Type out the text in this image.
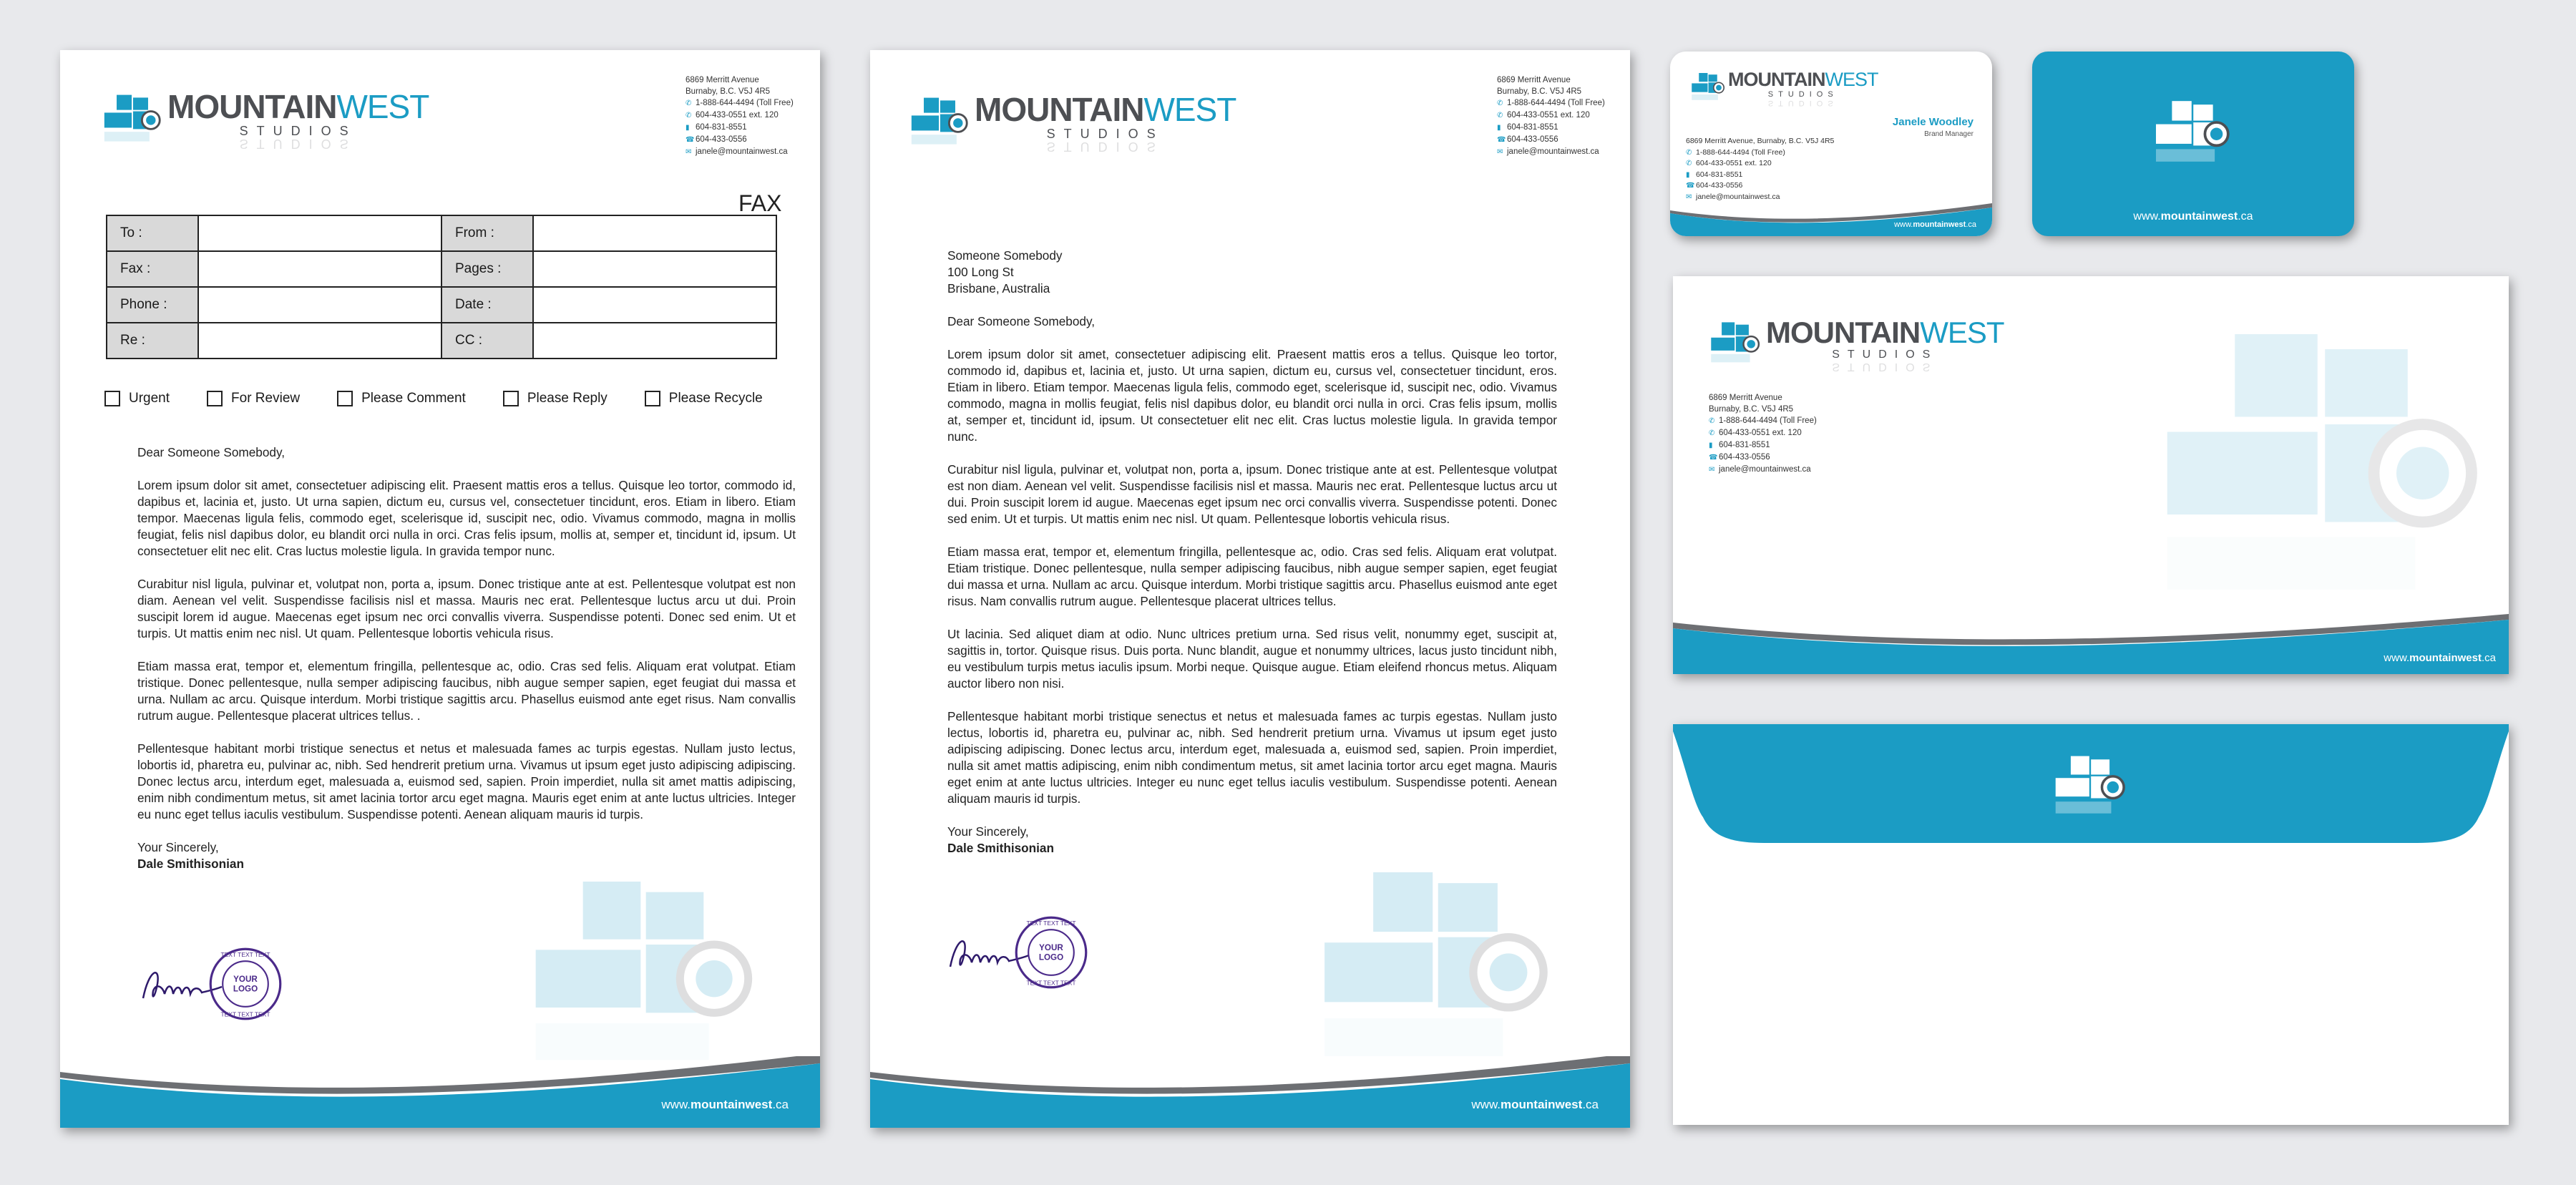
MOUNTAINWEST
STUDIOS
STUDIOS
6869 Merritt Avenue
Burnaby, B.C. V5J 4R5
✆ 1-888-644-4494 (Toll Free)
✆ 604-433-0551 ext. 120
▮ 604-831-8551
☎ 604-433-0556
✉ janele@mountainwest.ca
FAX
To :		From :	
Fax :		Pages :	
Phone :		Date :	
Re :		CC :	
Urgent	For Review	Please Comment	Please Reply	Please Recycle

Dear Someone Somebody,

Lorem ipsum dolor sit amet, consectetuer adipiscing elit. Praesent mattis eros a tellus. Quisque leo tortor, commodo id, dapibus et, lacinia et, justo. Ut urna sapien, dictum eu, cursus vel, consectetuer tincidunt, eros. Etiam in libero. Etiam tempor. Maecenas ligula felis, commodo eget, scelerisque id, suscipit nec, odio. Vivamus commodo, magna in mollis feugiat, felis nisl dapibus dolor, eu blandit orci nulla in orci. Cras felis ipsum, mollis at, semper et, tincidunt id, ipsum. Ut consectetuer elit nec elit. Cras luctus molestie ligula. In gravida tempor nunc.

Curabitur nisl ligula, pulvinar et, volutpat non, porta a, ipsum. Donec tristique ante at est. Pellentesque volutpat est non diam. Aenean vel velit. Suspendisse facilisis nisl et massa. Mauris nec erat. Pellentesque luctus arcu ut dui. Proin suscipit lorem id augue. Maecenas eget ipsum nec orci convallis viverra. Suspendisse potenti. Donec sed enim. Ut et turpis. Ut mattis enim nec nisl. Ut quam. Pellentesque lobortis vehicula risus.

Etiam massa erat, tempor et, elementum fringilla, pellentesque ac, odio. Cras sed felis. Aliquam erat volutpat. Etiam tristique. Donec pellentesque, nulla semper adipiscing faucibus, nibh augue semper sapien, eget feugiat dui massa et urna. Nullam ac arcu. Quisque interdum. Morbi tristique sagittis arcu. Phasellus euismod ante eget risus. Nam convallis rutrum augue. Pellentesque placerat ultrices tellus. .

Pellentesque habitant morbi tristique senectus et netus et malesuada fames ac turpis egestas. Nullam justo lectus, lobortis id, pharetra eu, pulvinar ac, nibh. Sed hendrerit pretium urna. Vivamus ut ipsum eget justo adipiscing adipiscing. Donec lectus arcu, interdum eget, malesuada a, euismod sed, sapien. Proin imperdiet, nulla sit amet mattis adipiscing, enim nibh condimentum metus, sit amet lacinia tortor arcu eget magna. Mauris eget enim at ante luctus ultricies. Integer eu nunc eget tellus iaculis vestibulum. Suspendisse potenti. Aenean aliquam mauris id turpis.

Your Sincerely,
Dale Smithisonian
www.mountainwest.ca
MOUNTAINWEST
STUDIOS
STUDIOS
6869 Merritt Avenue
Burnaby, B.C. V5J 4R5
✆ 1-888-644-4494 (Toll Free)
✆ 604-433-0551 ext. 120
▮ 604-831-8551
☎ 604-433-0556
✉ janele@mountainwest.ca
Someone Somebody
100 Long St
Brisbane, Australia

Dear Someone Somebody,

Lorem ipsum dolor sit amet, consectetuer adipiscing elit. Praesent mattis eros a tellus. Quisque leo tortor, commodo id, dapibus et, lacinia et, justo. Ut urna sapien, dictum eu, cursus vel, consectetuer tincidunt, eros. Etiam in libero. Etiam tempor. Maecenas ligula felis, commodo eget, scelerisque id, suscipit nec, odio. Vivamus commodo, magna in mollis feugiat, felis nisl dapibus dolor, eu blandit orci nulla in orci. Cras felis ipsum, mollis at, semper et, tincidunt id, ipsum. Ut consectetuer elit nec elit. Cras luctus molestie ligula. In gravida tempor nunc.

Curabitur nisl ligula, pulvinar et, volutpat non, porta a, ipsum. Donec tristique ante at est. Pellentesque volutpat est non diam. Aenean vel velit. Suspendisse facilisis nisl et massa. Mauris nec erat. Pellentesque luctus arcu ut dui. Proin suscipit lorem id augue. Maecenas eget ipsum nec orci convallis viverra. Suspendisse potenti. Donec sed enim. Ut et turpis. Ut mattis enim nec nisl. Ut quam. Pellentesque lobortis vehicula risus.

Etiam massa erat, tempor et, elementum fringilla, pellentesque ac, odio. Cras sed felis. Aliquam erat volutpat. Etiam tristique. Donec pellentesque, nulla semper adipiscing faucibus, nibh augue semper sapien, eget feugiat dui massa et urna. Nullam ac arcu. Quisque interdum. Morbi tristique sagittis arcu. Phasellus euismod ante eget risus. Nam convallis rutrum augue. Pellentesque placerat ultrices tellus.

Ut lacinia. Sed aliquet diam at odio. Nunc ultrices pretium urna. Sed risus velit, nonummy eget, suscipit at, sagittis in, tortor. Quisque risus. Duis porta. Nunc blandit, augue et nonummy ultrices, lacus justo tincidunt nibh, eu vestibulum turpis metus iaculis ipsum. Morbi neque. Quisque augue. Etiam eleifend rhoncus metus. Aliquam auctor libero non nisi.

Pellentesque habitant morbi tristique senectus et netus et malesuada fames ac turpis egestas. Nullam justo lectus, lobortis id, pharetra eu, pulvinar ac, nibh. Sed hendrerit pretium urna. Vivamus ut ipsum eget justo adipiscing adipiscing. Donec lectus arcu, interdum eget, malesuada a, euismod sed, sapien. Proin imperdiet, nulla sit amet mattis adipiscing, enim nibh condimentum metus, sit amet lacinia tortor arcu eget magna. Mauris eget enim at ante luctus ultricies. Integer eu nunc eget tellus iaculis vestibulum. Suspendisse potenti. Aenean aliquam mauris id turpis.

Your Sincerely,
Dale Smithisonian
www.mountainwest.ca
MOUNTAINWEST
STUDIOS
STUDIOS
Janele Woodley
Brand Manager
6869 Merritt Avenue, Burnaby, B.C. V5J 4R5
✆ 1-888-644-4494 (Toll Free)
✆ 604-433-0551 ext. 120
▮ 604-831-8551
☎ 604-433-0556
✉ janele@mountainwest.ca
www.mountainwest.ca
www.mountainwest.ca
MOUNTAINWEST
STUDIOS
STUDIOS
6869 Merritt Avenue
Burnaby, B.C. V5J 4R5
✆ 1-888-644-4494 (Toll Free)
✆ 604-433-0551 ext. 120
▮ 604-831-8551
☎ 604-433-0556
✉ janele@mountainwest.ca
www.mountainwest.ca
